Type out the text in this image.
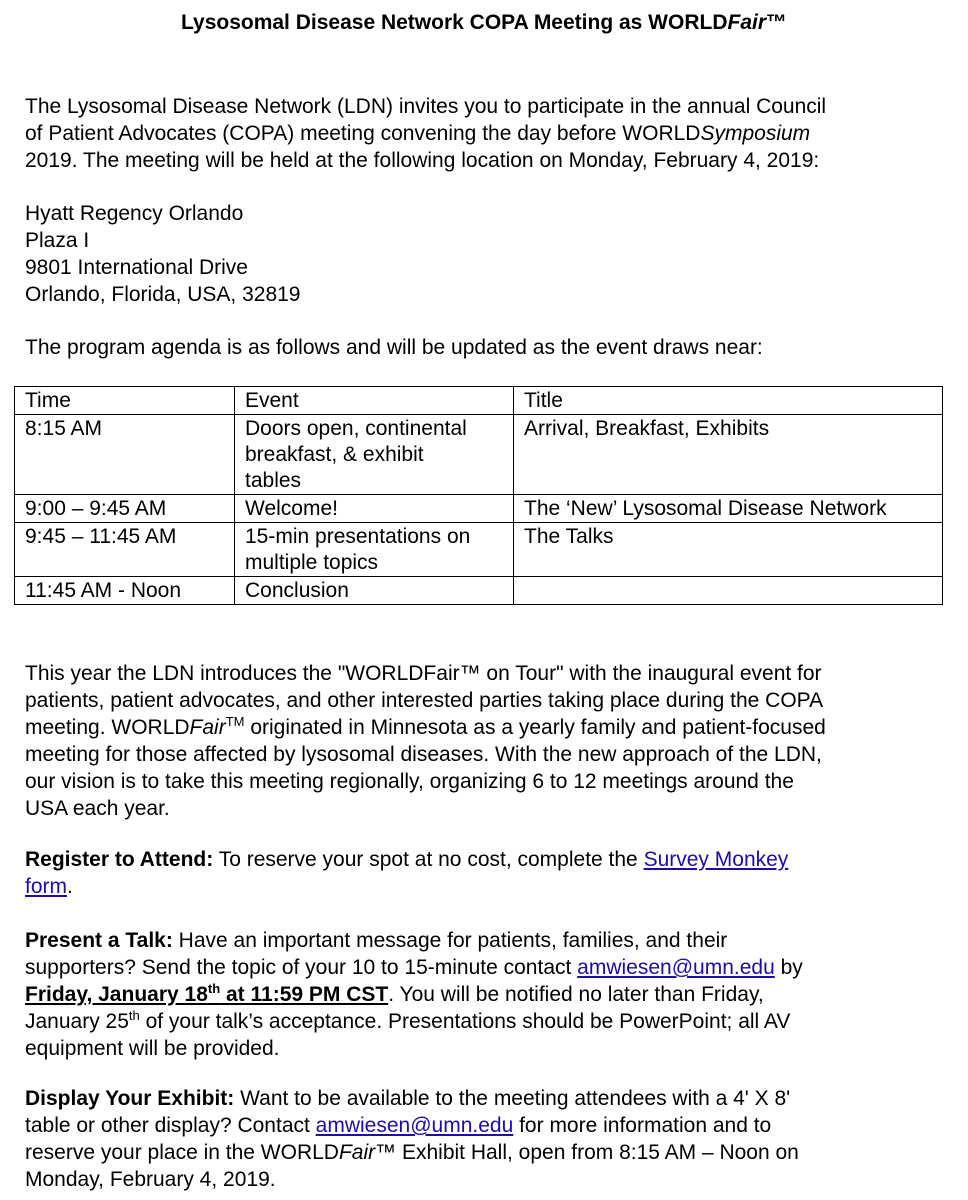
Lysosomal Disease Network COPA Meeting as WORLDFair™
The Lysosomal Disease Network (LDN) invites you to participate in the annual Council
of Patient Advocates (COPA) meeting convening the day before WORLDSymposium
2019. The meeting will be held at the following location on Monday, February 4, 2019:
Hyatt Regency Orlando
Plaza I
9801 International Drive
Orlando, Florida, USA, 32819
The program agenda is as follows and will be updated as the event draws near:
Time	Event	Title
8:15 AM	Doors open, continental
breakfast, & exhibit
tables	Arrival, Breakfast, Exhibits
9:00 – 9:45 AM	Welcome!	The ‘New’ Lysosomal Disease Network
9:45 – 11:45 AM	15-min presentations on
multiple topics	The Talks
11:45 AM - Noon	Conclusion	
This year the LDN introduces the "WORLDFair™ on Tour" with the inaugural event for
patients, patient advocates, and other interested parties taking place during the COPA
meeting. WORLDFair™ originated in Minnesota as a yearly family and patient-focused
meeting for those affected by lysosomal diseases. With the new approach of the LDN,
our vision is to take this meeting regionally, organizing 6 to 12 meetings around the
USA each year.
Register to Attend: To reserve your spot at no cost, complete the Survey Monkey
form.
Present a Talk: Have an important message for patients, families, and their
supporters? Send the topic of your 10 to 15-minute contact amwiesen@umn.edu by
Friday, January 18th at 11:59 PM CST. You will be notified no later than Friday,
January 25th of your talk’s acceptance. Presentations should be PowerPoint; all AV
equipment will be provided.
Display Your Exhibit: Want to be available to the meeting attendees with a 4' X 8'
table or other display? Contact amwiesen@umn.edu for more information and to
reserve your place in the WORLDFair™ Exhibit Hall, open from 8:15 AM – Noon on
Monday, February 4, 2019.
